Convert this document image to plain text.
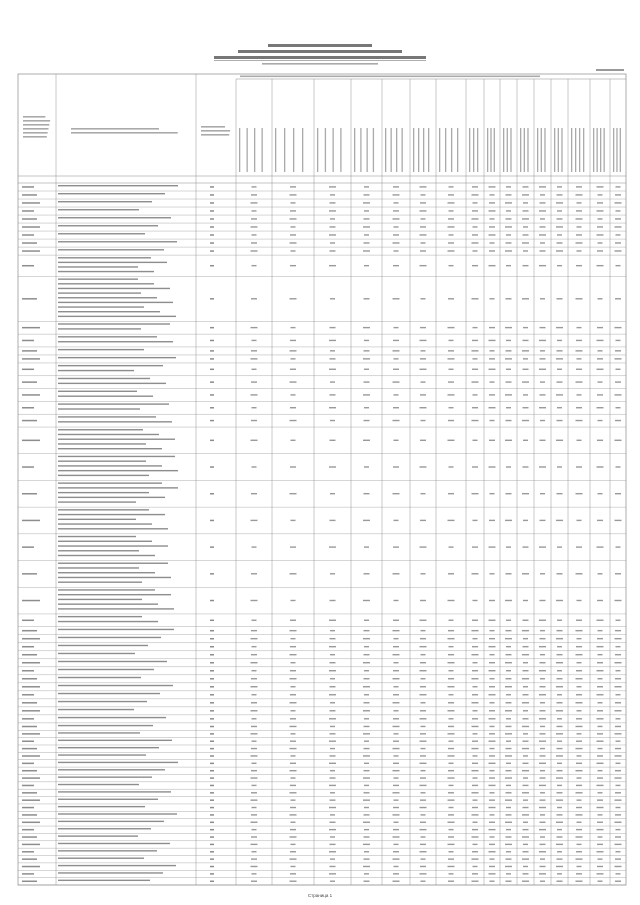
Страница 1
